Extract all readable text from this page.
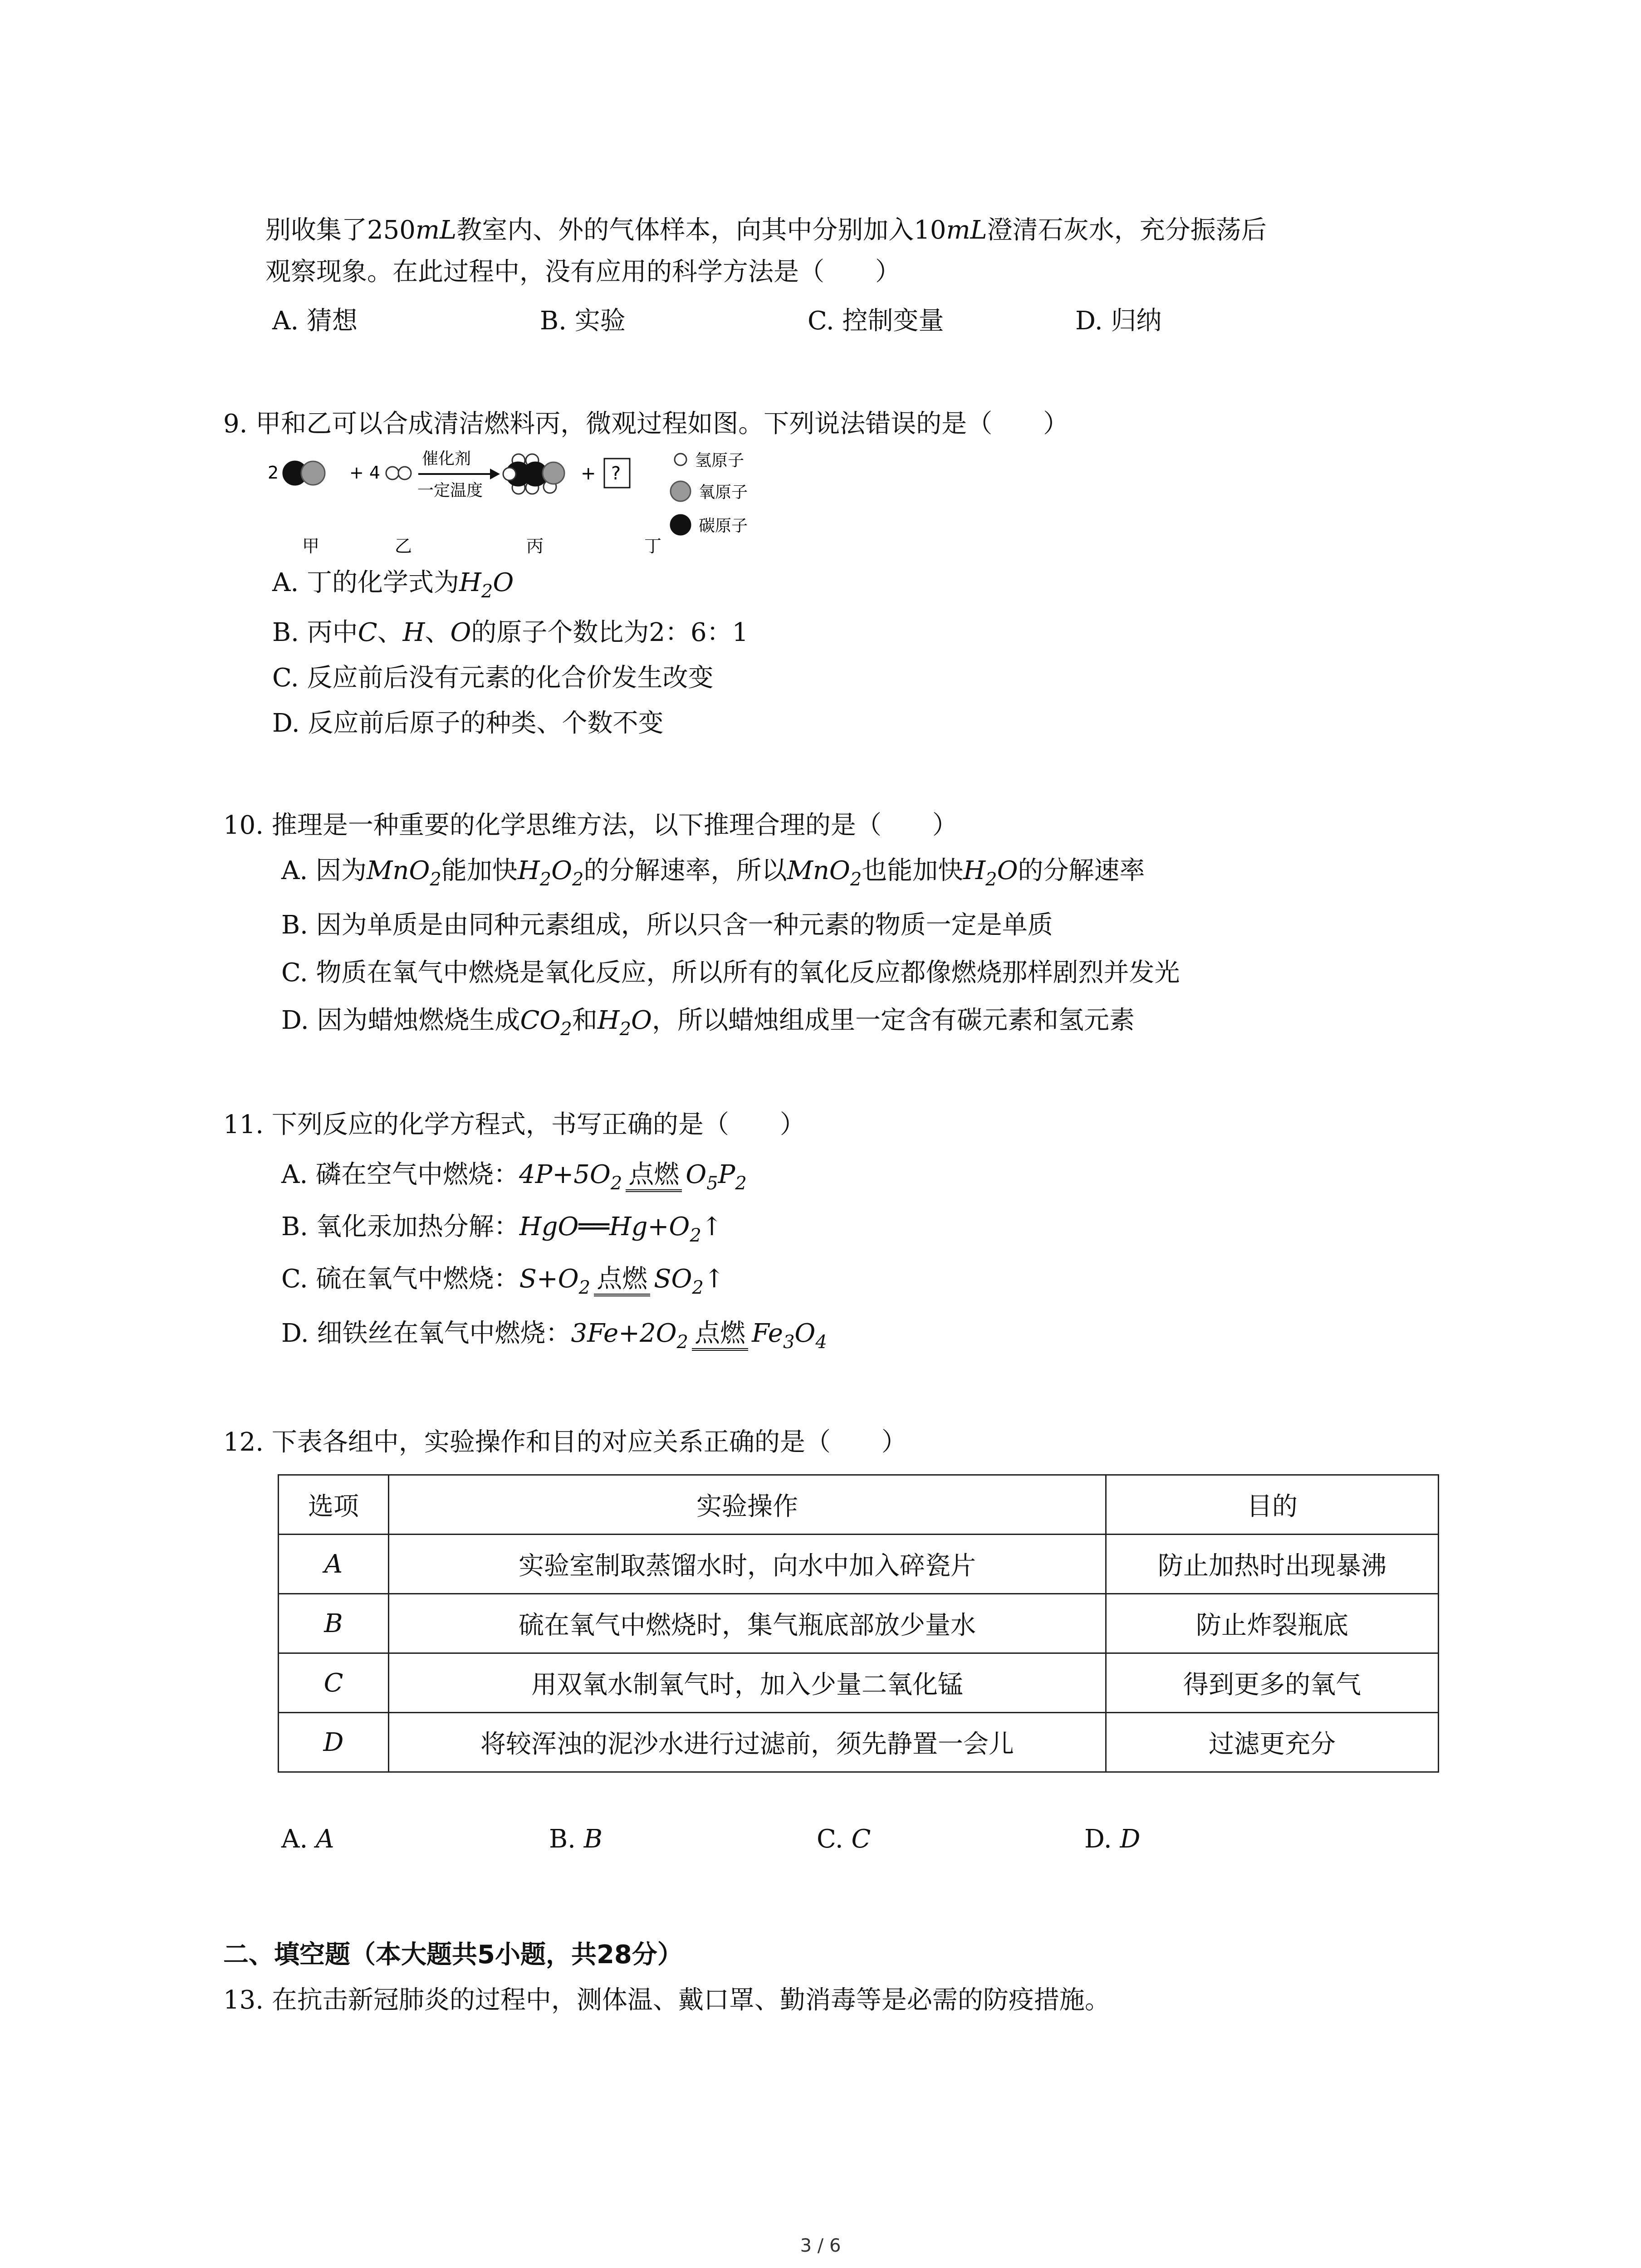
别收集了250mL教室内、外的气体样本，向其中分别加入10mL澄清石灰水，充分振荡后
观察现象。在此过程中，没有应用的科学方法是（　　）
A. 猜想	B. 实验	C. 控制变量	D. 归纳
9. 甲和乙可以合成清洁燃料丙，微观过程如图。下列说法错误的是（　　）
2	+ 4
催化剂
一定温度
+ ?
氢原子
氧原子
碳原子
甲	乙	丙	丁
A. 丁的化学式为$H_2O$
B. 丙中C、H、O的原子个数比为2：6：1
C. 反应前后没有元素的化合价发生改变
D. 反应前后原子的种类、个数不变
10. 推理是一种重要的化学思维方法，以下推理合理的是（　　）
A. 因为MnO$_2$能加快$H_2O_2$的分解速率，所以MnO$_2$也能加快$H_2O$的分解速率
B. 因为单质是由同种元素组成，所以只含一种元素的物质一定是单质
C. 物质在氧气中燃烧是氧化反应，所以所有的氧化反应都像燃烧那样剧烈并发光
D. 因为蜡烛燃烧生成$CO_2$和$H_2O$，所以蜡烛组成里一定含有碳元素和氢元素
11. 下列反应的化学方程式，书写正确的是（　　）
A. 磷在空气中燃烧：$4P+5O_2$ 点燃 $O_5P_2$
B. 氧化汞加热分解：$HgO══Hg+O_2↑$
C. 硫在氧气中燃烧：$S+O_2$ 点燃 $SO_2↑$
D. 细铁丝在氧气中燃烧：$3Fe+2O_2$ 点燃 $Fe_3O_4$
12. 下表各组中，实验操作和目的对应关系正确的是（　　）
选项	实验操作	目的
A	实验室制取蒸馏水时，向水中加入碎瓷片	防止加热时出现暴沸
B	硫在氧气中燃烧时，集气瓶底部放少量水	防止炸裂瓶底
C	用双氧水制氧气时，加入少量二氧化锰	得到更多的氧气
D	将较浑浊的泥沙水进行过滤前，须先静置一会儿	过滤更充分
A. A	B. B	C. C	D. D
二、填空题（本大题共5小题，共28分）
13. 在抗击新冠肺炎的过程中，测体温、戴口罩、勤消毒等是必需的防疫措施。
3 / 6
